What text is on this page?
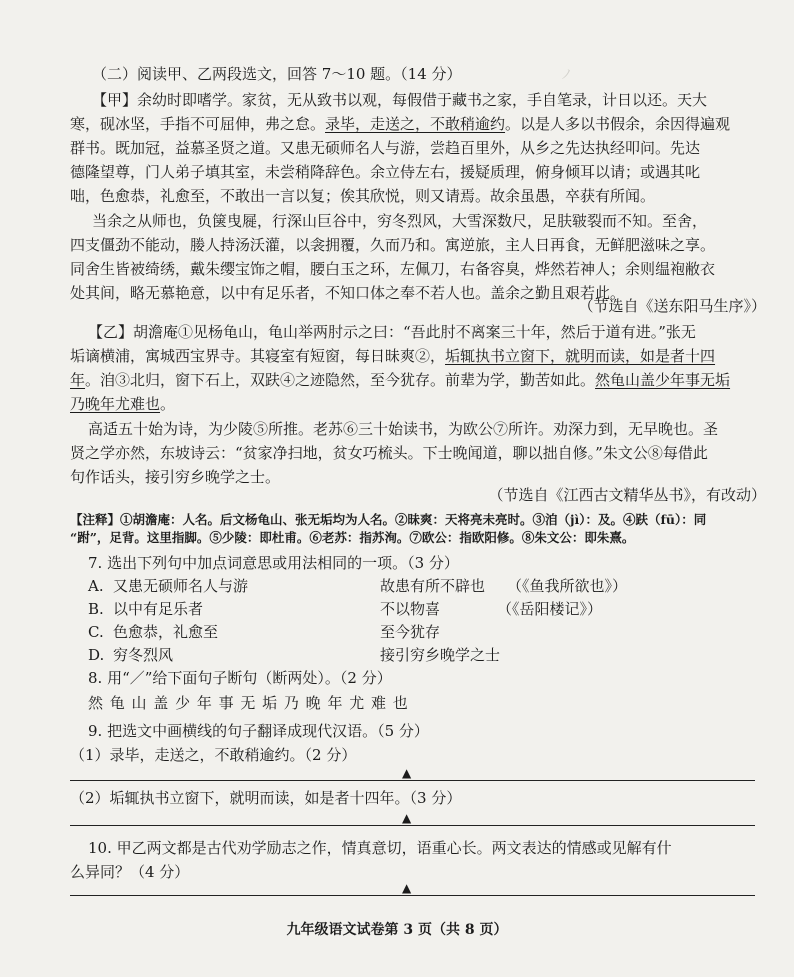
ノ
（二）阅读甲、乙两段选文，回答 7～10 题。（14 分）
【甲】余幼时即嗜学。家贫，无从致书以观，每假借于藏书之家，手自笔录，计日以还。天大
寒，砚冰坚，手指不可屈伸，弗之怠。录毕，走送之，不敢稍逾约。以是人多以书假余，余因得遍观
群书。既加冠，益慕圣贤之道。又患无硕师名人与游，尝趋百里外，从乡之先达执经叩问。先达
德隆望尊，门人弟子填其室，未尝稍降辞色。余立侍左右，援疑质理，俯身倾耳以请；或遇其叱
咄，色愈恭，礼愈至，不敢出一言以复；俟其欣悦，则又请焉。故余虽愚，卒获有所闻。
当余之从师也，负箧曳屣，行深山巨谷中，穷冬烈风，大雪深数尺，足肤皲裂而不知。至舍，
四支僵劲不能动，媵人持汤沃灌，以衾拥覆，久而乃和。寓逆旅，主人日再食，无鲜肥滋味之享。
同舍生皆被绮绣，戴朱缨宝饰之帽，腰白玉之环，左佩刀，右备容臭，烨然若神人；余则缊袍敝衣
处其间，略无慕艳意，以中有足乐者，不知口体之奉不若人也。盖余之勤且艰若此。
（节选自《送东阳马生序》）
【乙】胡澹庵①见杨龟山，龟山举两肘示之曰：“吾此肘不离案三十年，然后于道有进。”张无
垢谪横浦，寓城西宝界寺。其寝室有短窗，每日昧爽②，垢辄执书立窗下，就明而读，如是者十四
年。洎③北归，窗下石上，双趺④之迹隐然，至今犹存。前辈为学，勤苦如此。然龟山盖少年事无垢
乃晚年尤难也。
高适五十始为诗，为少陵⑤所推。老苏⑥三十始读书，为欧公⑦所许。劝深力到，无早晚也。圣
贤之学亦然，东坡诗云：“贫家净扫地，贫女巧梳头。下士晚闻道，聊以拙自修。”朱文公⑧每借此
句作话头，接引穷乡晚学之士。
（节选自《江西古文精华丛书》，有改动）
【注释】①胡澹庵：人名。后文杨龟山、张无垢均为人名。②昧爽：天将亮未亮时。③洎（jì）：及。④趺（fū）：同
“跗”，足背。这里指脚。⑤少陵：即杜甫。⑥老苏：指苏洵。⑦欧公：指欧阳修。⑧朱文公：即朱熹。
7. 选出下列句中加点词意思或用法相同的一项。（3 分）
A. 又患无硕师名人与游	故患有所不辟也 （《鱼我所欲也》）
B. 以中有足乐者	不以物喜	（《岳阳楼记》）
C. 色愈恭，礼愈至	至今犹存
D. 穷冬烈风	接引穷乡晚学之士
8. 用“／”给下面句子断句（断两处）。（2 分）
然 龟 山 盖 少 年 事 无 垢 乃 晚 年 尤 难 也
9. 把选文中画横线的句子翻译成现代汉语。（5 分）
（1）录毕，走送之，不敢稍逾约。（2 分）
▲
（2）垢辄执书立窗下，就明而读，如是者十四年。（3 分）
▲
10. 甲乙两文都是古代劝学励志之作，情真意切，语重心长。两文表达的情感或见解有什
么异同？（4 分）
▲
九年级语文试卷第 3 页（共 8 页）
